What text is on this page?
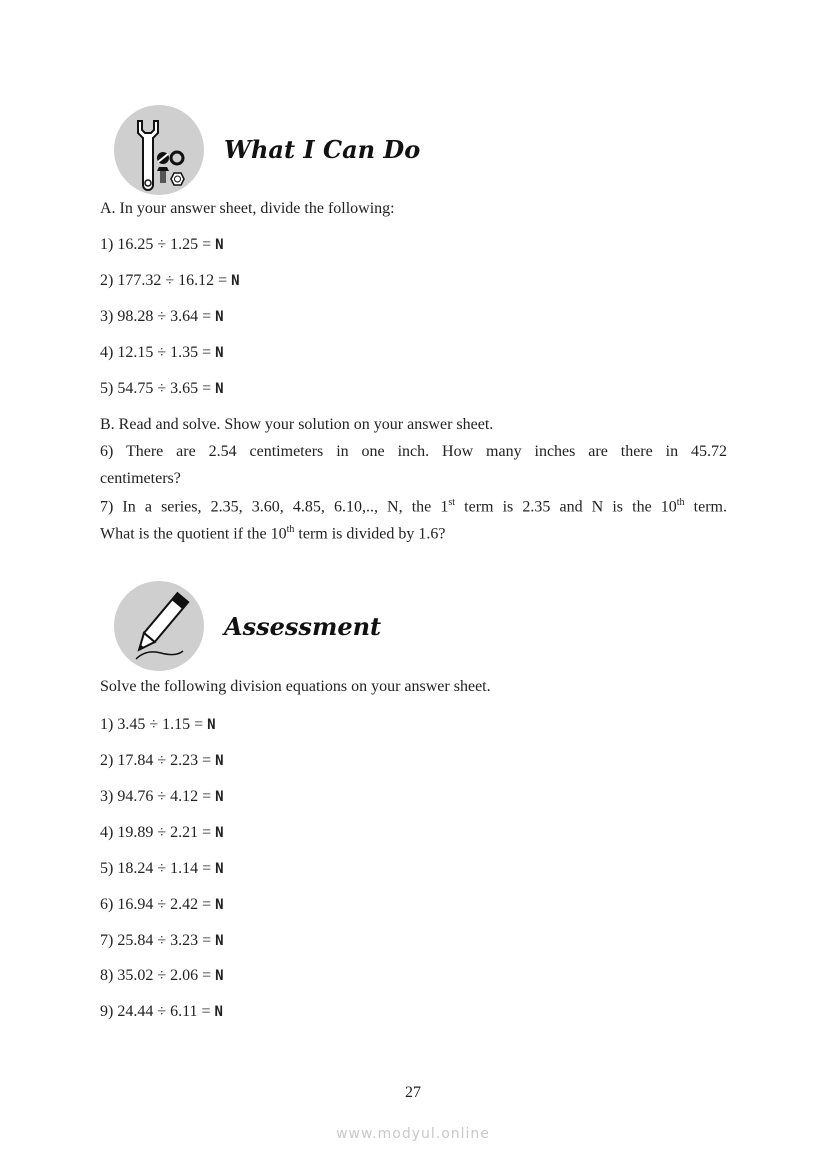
What I Can Do
A. In your answer sheet, divide the following:
1) 16.25 ÷ 1.25 = N
2) 177.32 ÷ 16.12 = N
3) 98.28 ÷ 3.64 = N
4) 12.15 ÷ 1.35 = N
5) 54.75 ÷ 3.65 = N
B. Read and solve. Show your solution on your answer sheet.
6) There are 2.54 centimeters in one inch. How many inches are there in 45.72
centimeters?
7) In a series, 2.35, 3.60, 4.85, 6.10,.., N, the 1st term is 2.35 and N is the 10th term.
What is the quotient if the 10th term is divided by 1.6?
Assessment
Solve the following division equations on your answer sheet.
1) 3.45 ÷ 1.15 = N
2) 17.84 ÷ 2.23 = N
3) 94.76 ÷ 4.12 = N
4) 19.89 ÷ 2.21 = N
5) 18.24 ÷ 1.14 = N
6) 16.94 ÷ 2.42 = N
7) 25.84 ÷ 3.23 = N
8) 35.02 ÷ 2.06 = N
9) 24.44 ÷ 6.11 = N
27
www.modyul.online
